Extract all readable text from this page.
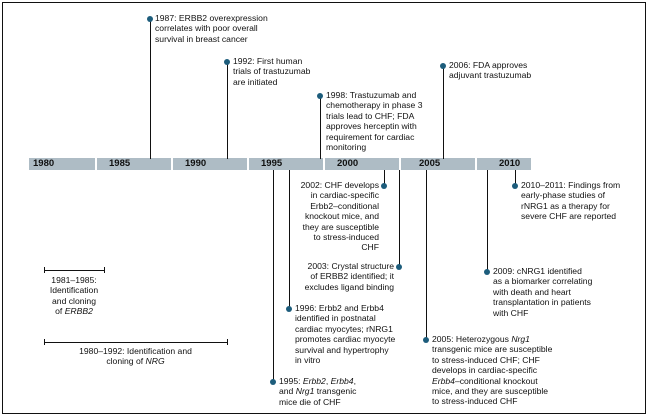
1980	1985	1990	1995	2000	2005	2010
1987: ERBB2 overexpression
correlates with poor overall
survival in breast cancer
1992: First human
trials of trastuzumab
are initiated
1998: Trastuzumab and
chemotherapy in phase 3
trials lead to CHF; FDA
approves herceptin with
requirement for cardiac
monitoring
2006: FDA approves
adjuvant trastuzumab
2002: CHF develops
in cardiac-specific
Erbb2–conditional
knockout mice, and
they are susceptible
to stress-induced
CHF
2003: Crystal structure
of ERBB2 identified; it
excludes ligand binding
1996: Erbb2 and Erbb4
identified in postnatal
cardiac myocytes; rNRG1
promotes cardiac myocyte
survival and hypertrophy
in vitro
1995: Erbb2, Erbb4,
and Nrg1 transgenic
mice die of CHF
2005: Heterozygous Nrg1
transgenic mice are susceptible
to stress-induced CHF; CHF
develops in cardiac-specific
Erbb4–conditional knockout
mice, and they are susceptible
to stress-induced CHF
2009: cNRG1 identified
as a biomarker correlating
with death and heart
transplantation in patients
with CHF
2010–2011: Findings from
early-phase studies of
rNRG1 as a therapy for
severe CHF are reported
1981–1985:
Identification
and cloning
of ERBB2
1980–1992: Identification and
cloning of NRG
